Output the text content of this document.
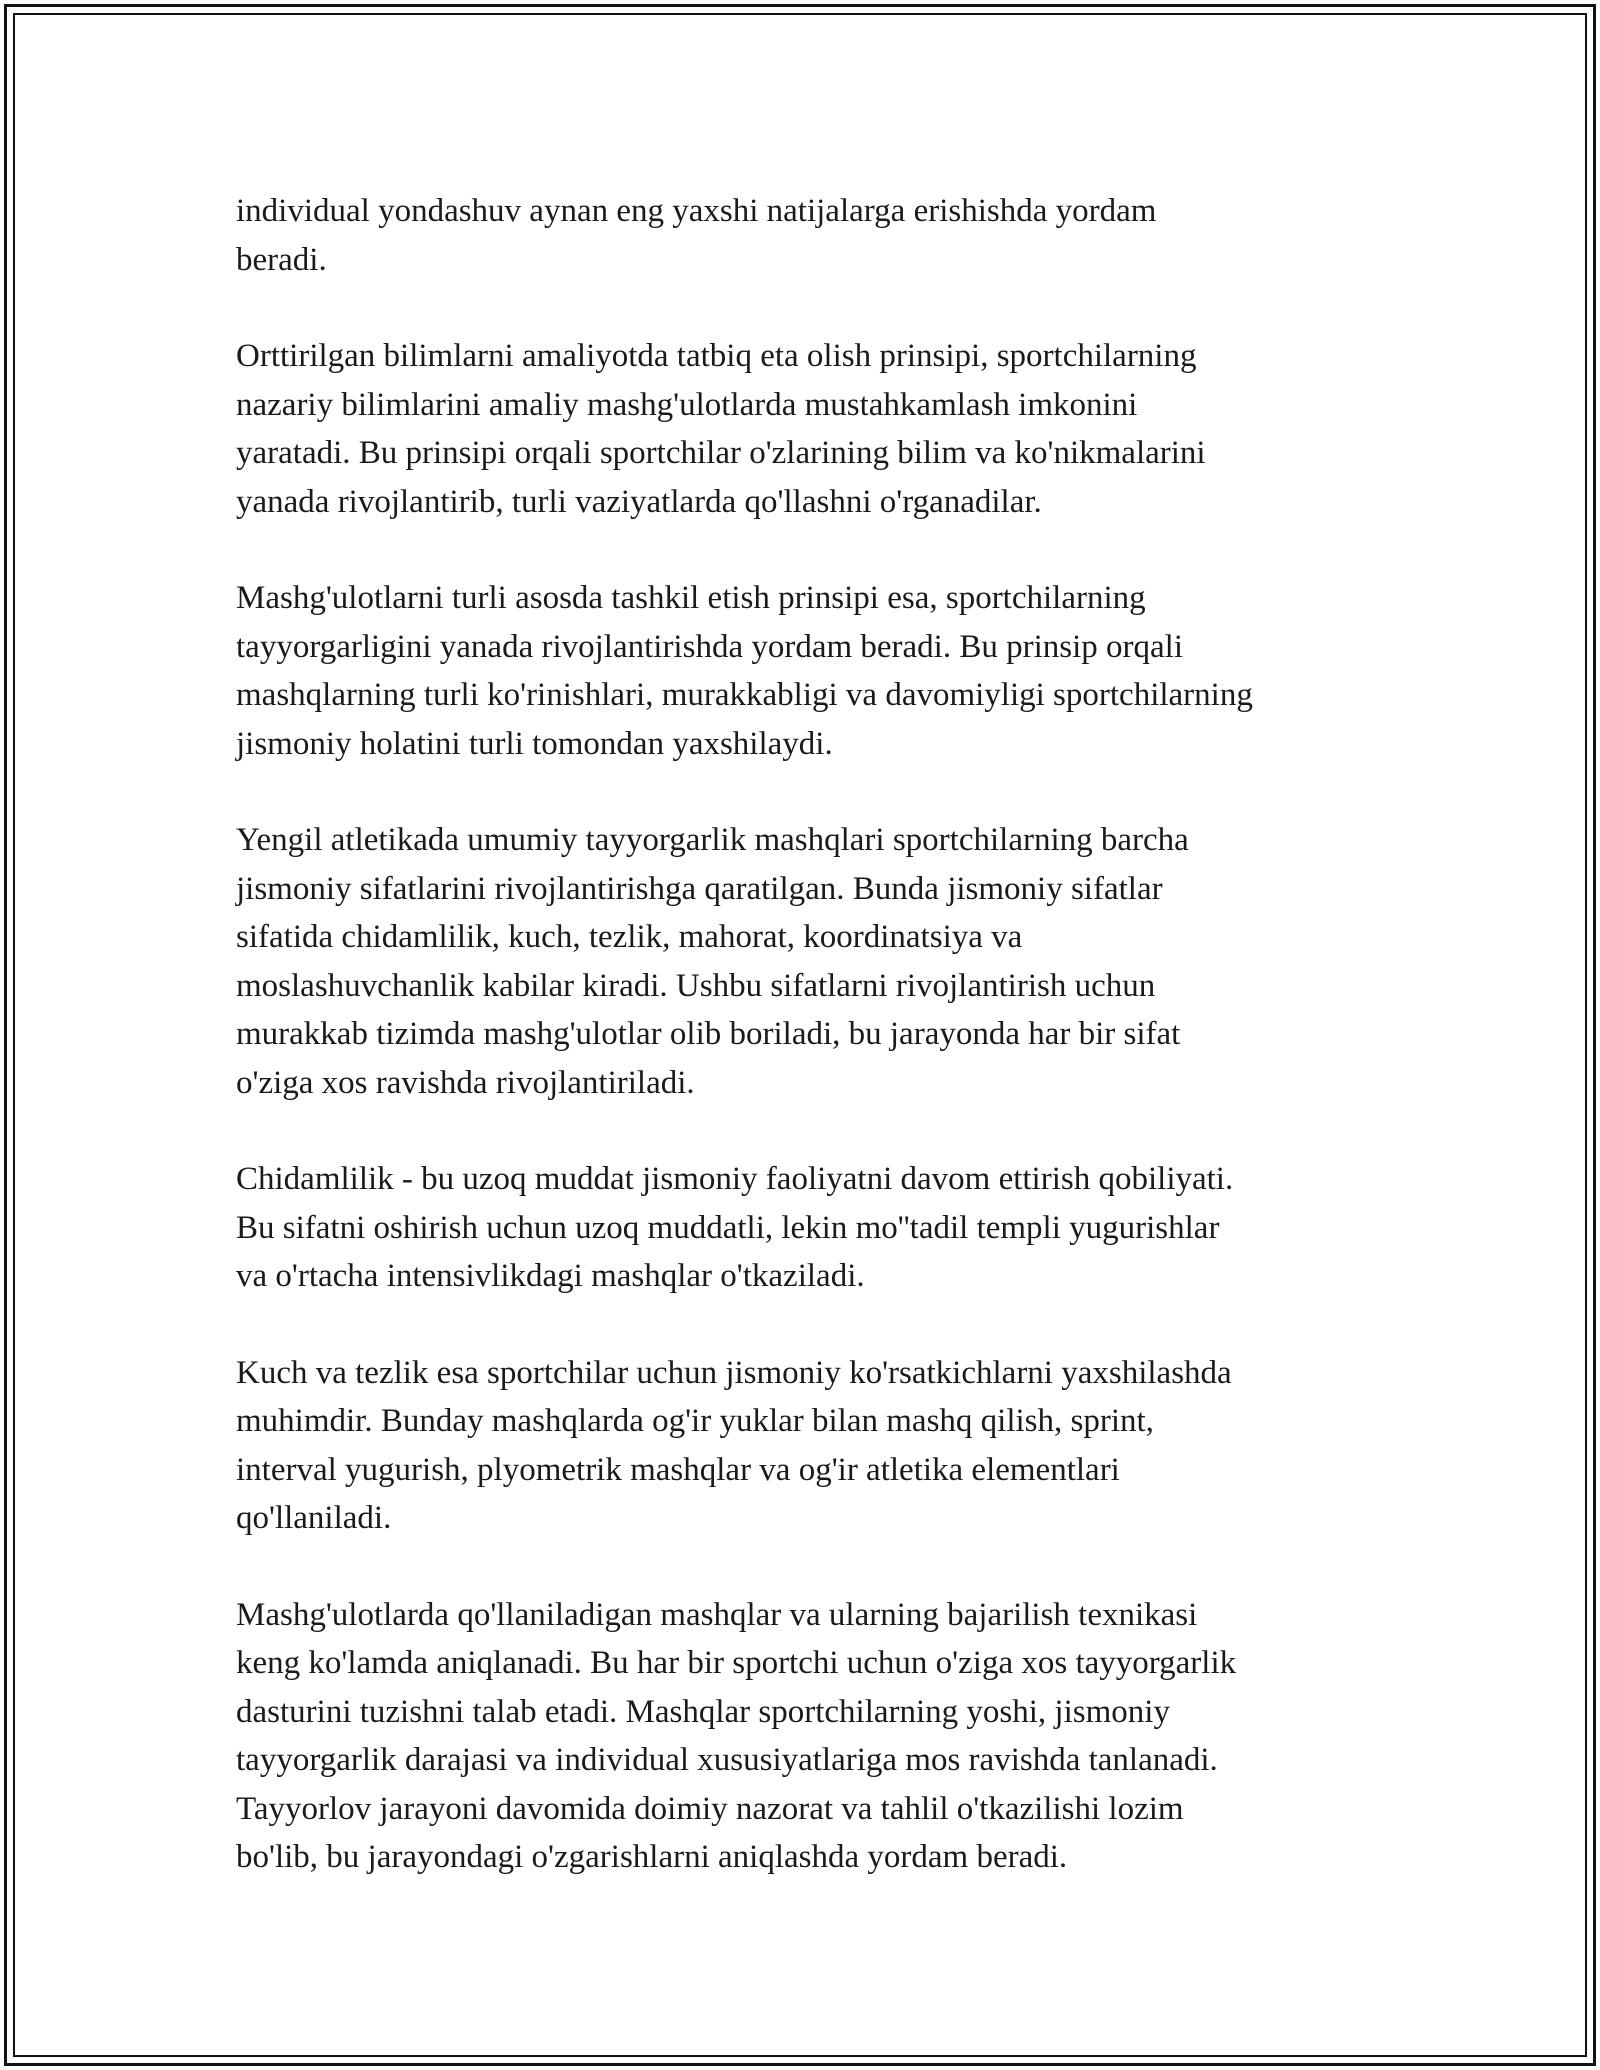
individual yondashuv aynan eng yaxshi natijalarga erishishda yordam
beradi.

Orttirilgan bilimlarni amaliyotda tatbiq eta olish prinsipi, sportchilarning
nazariy bilimlarini amaliy mashg'ulotlarda mustahkamlash imkonini
yaratadi. Bu prinsipi orqali sportchilar o'zlarining bilim va ko'nikmalarini
yanada rivojlantirib, turli vaziyatlarda qo'llashni o'rganadilar.

Mashg'ulotlarni turli asosda tashkil etish prinsipi esa, sportchilarning
tayyorgarligini yanada rivojlantirishda yordam beradi. Bu prinsip orqali
mashqlarning turli ko'rinishlari, murakkabligi va davomiyligi sportchilarning
jismoniy holatini turli tomondan yaxshilaydi.

Yengil atletikada umumiy tayyorgarlik mashqlari sportchilarning barcha
jismoniy sifatlarini rivojlantirishga qaratilgan. Bunda jismoniy sifatlar
sifatida chidamlilik, kuch, tezlik, mahorat, koordinatsiya va
moslashuvchanlik kabilar kiradi. Ushbu sifatlarni rivojlantirish uchun
murakkab tizimda mashg'ulotlar olib boriladi, bu jarayonda har bir sifat
o'ziga xos ravishda rivojlantiriladi.

Chidamlilik - bu uzoq muddat jismoniy faoliyatni davom ettirish qobiliyati.
Bu sifatni oshirish uchun uzoq muddatli, lekin mo''tadil templi yugurishlar
va o'rtacha intensivlikdagi mashqlar o'tkaziladi.

Kuch va tezlik esa sportchilar uchun jismoniy ko'rsatkichlarni yaxshilashda
muhimdir. Bunday mashqlarda og'ir yuklar bilan mashq qilish, sprint,
interval yugurish, plyometrik mashqlar va og'ir atletika elementlari
qo'llaniladi.

Mashg'ulotlarda qo'llaniladigan mashqlar va ularning bajarilish texnikasi
keng ko'lamda aniqlanadi. Bu har bir sportchi uchun o'ziga xos tayyorgarlik
dasturini tuzishni talab etadi. Mashqlar sportchilarning yoshi, jismoniy
tayyorgarlik darajasi va individual xususiyatlariga mos ravishda tanlanadi.
Tayyorlov jarayoni davomida doimiy nazorat va tahlil o'tkazilishi lozim
bo'lib, bu jarayondagi o'zgarishlarni aniqlashda yordam beradi.
